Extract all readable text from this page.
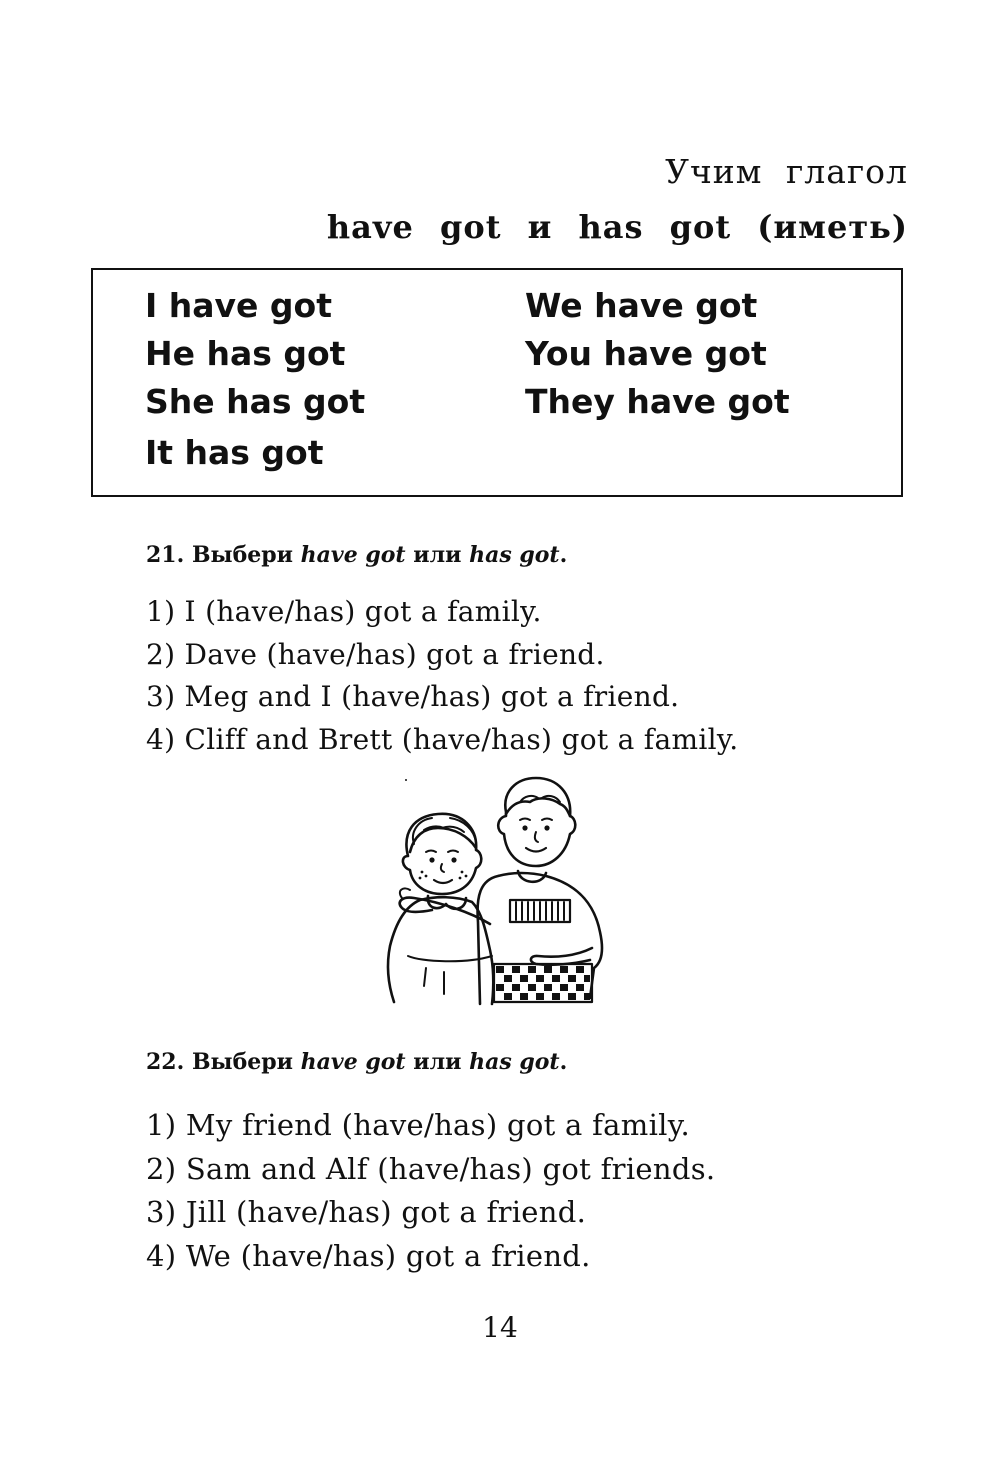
Учим глагол
have got и has got (иметь)
I have got
He has got
She has got
It has got
We have got
You have got
They have got
21. Выбери have got или has got.
1) I (have/has) got a family.
2) Dave (have/has) got a friend.
3) Meg and I (have/has) got a friend.
4) Cliff and Brett (have/has) got a family.
22. Выбери have got или has got.
1) My friend (have/has) got a family.
2) Sam and Alf (have/has) got friends.
3) Jill (have/has) got a friend.
4) We (have/has) got a friend.
14
